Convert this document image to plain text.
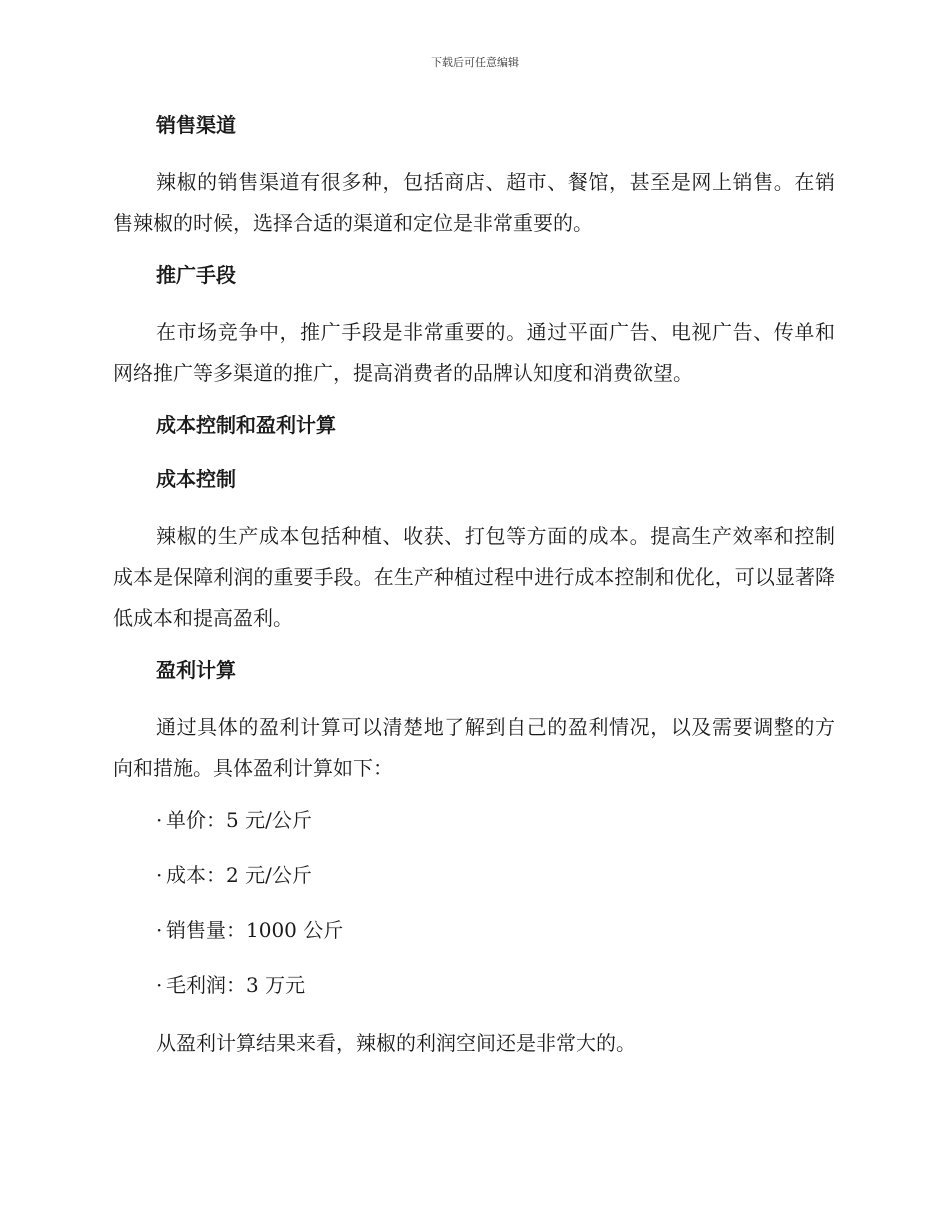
下载后可任意编辑
销售渠道

辣椒的销售渠道有很多种，包括商店、超市、餐馆，甚至是网上销售。在销售辣椒的时候，选择合适的渠道和定位是非常重要的。

推广手段

在市场竞争中，推广手段是非常重要的。通过平面广告、电视广告、传单和网络推广等多渠道的推广，提高消费者的品牌认知度和消费欲望。

成本控制和盈利计算
成本控制

辣椒的生产成本包括种植、收获、打包等方面的成本。提高生产效率和控制成本是保障利润的重要手段。在生产种植过程中进行成本控制和优化，可以显著降低成本和提高盈利。

盈利计算

通过具体的盈利计算可以清楚地了解到自己的盈利情况，以及需要调整的方向和措施。具体盈利计算如下：

· 单价：5 元/公斤
· 成本：2 元/公斤
· 销售量：1000 公斤
· 毛利润：3 万元

从盈利计算结果来看，辣椒的利润空间还是非常大的。
